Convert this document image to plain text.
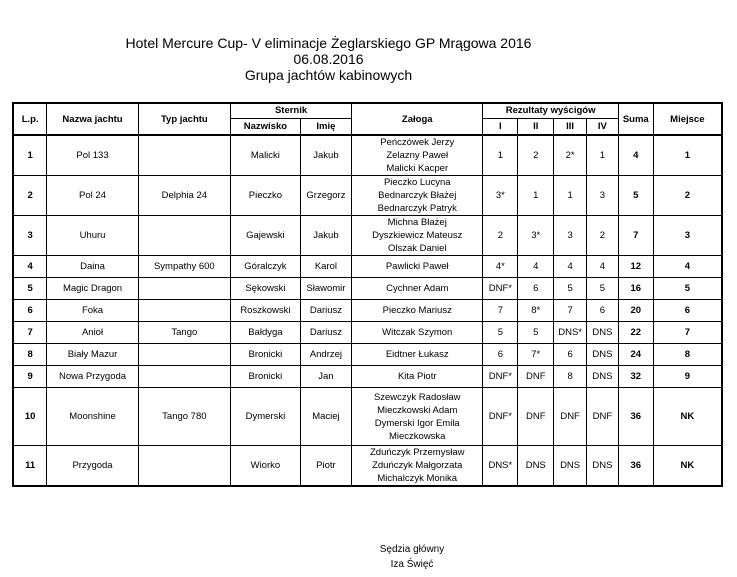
Hotel Mercure Cup- V eliminacje Żeglarskiego GP Mrągowa 2016
06.08.2016
Grupa jachtów kabinowych
L.p.	Nazwa jachtu	Typ jachtu	Sternik		Załoga	Rezultaty wyścigów				Suma	Miejsce
			Nazwisko	Imię		I	II	III	IV		
1	Pol 133		Malicki	Jakub	Peńczówek Jerzy
Zelazny Paweł
Malicki Kacper	1	2	2*	1	4	1
2	Pol 24	Delphia 24	Pieczko	Grzegorz	Pieczko Lucyna
Bednarczyk Błażej
Bednarczyk Patryk	3*	1	1	3	5	2
3	Uhuru		Gajewski	Jakub	Michna Błażej
Dyszkiewicz Mateusz
Olszak Daniel	2	3*	3	2	7	3
4	Daina	Sympathy 600	Góralczyk	Karol	Pawlicki Paweł	4*	4	4	4	12	4
5	Magic Dragon		Sękowski	Sławomir	Cychner Adam	DNF*	6	5	5	16	5
6	Foka		Roszkowski	Dariusz	Pieczko Mariusz	7	8*	7	6	20	6
7	Anioł	Tango	Bałdyga	Dariusz	Witczak Szymon	5	5	DNS*	DNS	22	7
8	Biały Mazur		Bronicki	Andrzej	Eidtner Łukasz	6	7*	6	DNS	24	8
9	Nowa Przygoda		Bronicki	Jan	Kita Piotr	DNF*	DNF	8	DNS	32	9
10	Moonshine	Tango 780	Dymerski	Maciej	Szewczyk Radosław
Mieczkowski Adam
Dymerski Igor Emila
Mieczkowska	DNF*	DNF	DNF	DNF	36	NK
11	Przygoda		Wiorko	Piotr	Zduńczyk Przemysław
Zduńczyk Małgorzata
Michalczyk Monika	DNS*	DNS	DNS	DNS	36	NK
Sędzia główny
Iza Święć
